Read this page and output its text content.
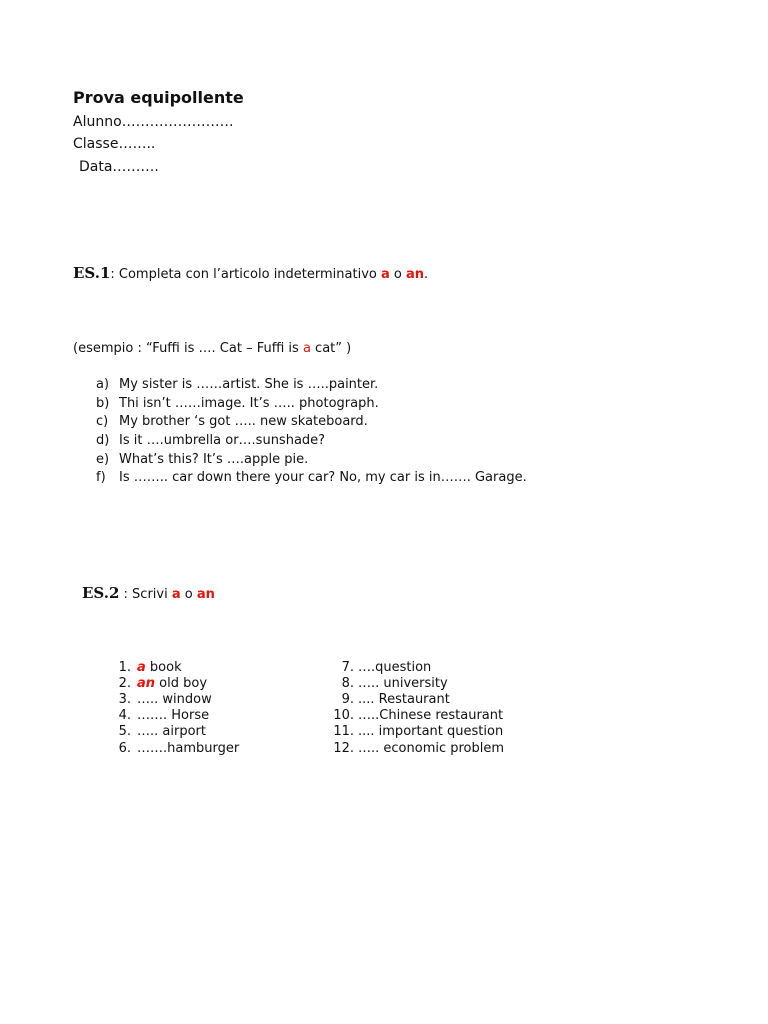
Prova equipollente
Alunno……………………
Classe……..
Data……….
ES.1: Completa con l’articolo indeterminativo a o an.
(esempio : “Fuffi is …. Cat – Fuffi is a cat” )
a) My sister is ……artist. She is …..painter.
b) Thi isn’t ……image. It’s ….. photograph.
c) My brother ‘s got ….. new skateboard.
d) Is it ….umbrella or….sunshade?
e) What’s this? It’s ….apple pie.
f) Is …….. car down there your car? No, my car is in……. Garage.
ES.2 : Scrivi a o an
1. a book
2. an old boy
3. ….. window
4. ……. Horse
5. ….. airport
6. …….hamburger
7. ….question
8. ….. university
9. .... Restaurant
10. …..Chinese restaurant
11. .... important question
12. ….. economic problem
